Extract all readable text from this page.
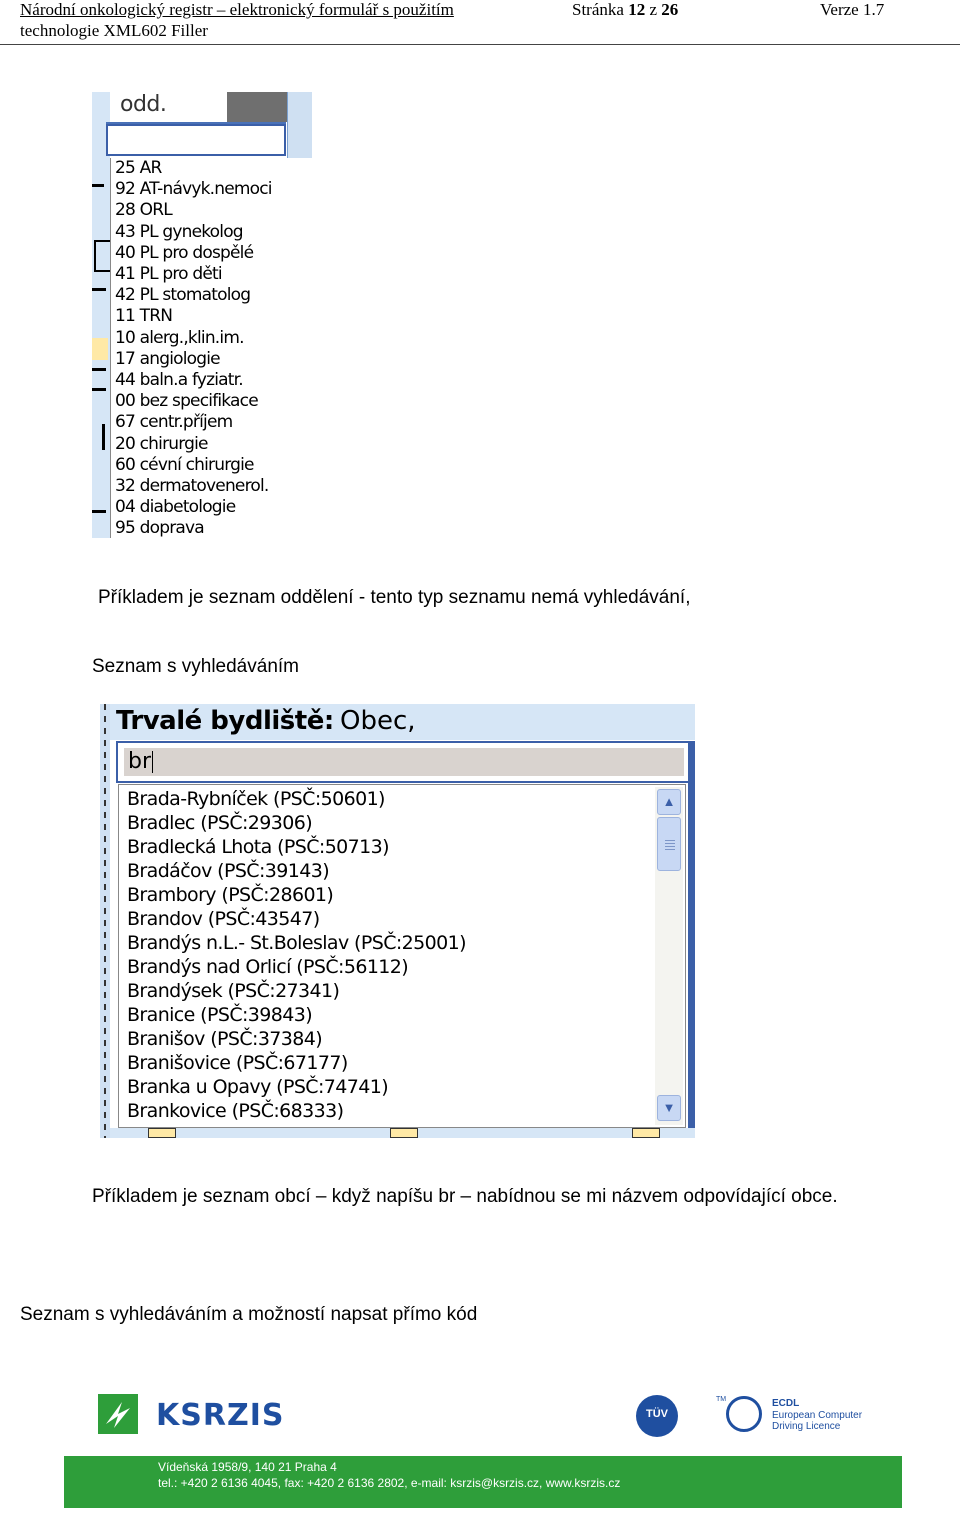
Národní onkologický registr – elektronický formulář s použitím
technologie XML602 Filler
Stránka 12 z 26	Verze 1.7
odd.
25 AR
92 AT-návyk.nemoci
28 ORL
43 PL gynekolog
40 PL pro dospělé
41 PL pro děti
42 PL stomatolog
11 TRN
10 alerg.,klin.im.
17 angiologie
44 baln.a fyziatr.
00 bez specifikace
67 centr.příjem
20 chirurgie
60 cévní chirurgie
32 dermatovenerol.
04 diabetologie
95 doprava
Příkladem je seznam oddělení - tento typ seznamu nemá vyhledávání,
Seznam s vyhledáváním
Trvalé bydliště: Obec,
br
Brada-Rybníček (PSČ:50601)
Bradlec (PSČ:29306)
Bradlecká Lhota (PSČ:50713)
Bradáčov (PSČ:39143)
Brambory (PSČ:28601)
Brandov (PSČ:43547)
Brandýs n.L.- St.Boleslav (PSČ:25001)
Brandýs nad Orlicí (PSČ:56112)
Brandýsek (PSČ:27341)
Branice (PSČ:39843)
Branišov (PSČ:37384)
Branišovice (PSČ:67177)
Branka u Opavy (PSČ:74741)
Brankovice (PSČ:68333)
▲
▼
Příkladem je seznam obcí – když napíšu br – nabídnou se mi názvem odpovídající obce.
Seznam s vyhledáváním a možností napsat přímo kód
KSRZIS	TÜV
TM	ECDL
European Computer
Driving Licence
Vídeňská 1958/9, 140 21 Praha 4
tel.: +420 2 6136 4045, fax: +420 2 6136 2802, e-mail: ksrzis@ksrzis.cz, www.ksrzis.cz
